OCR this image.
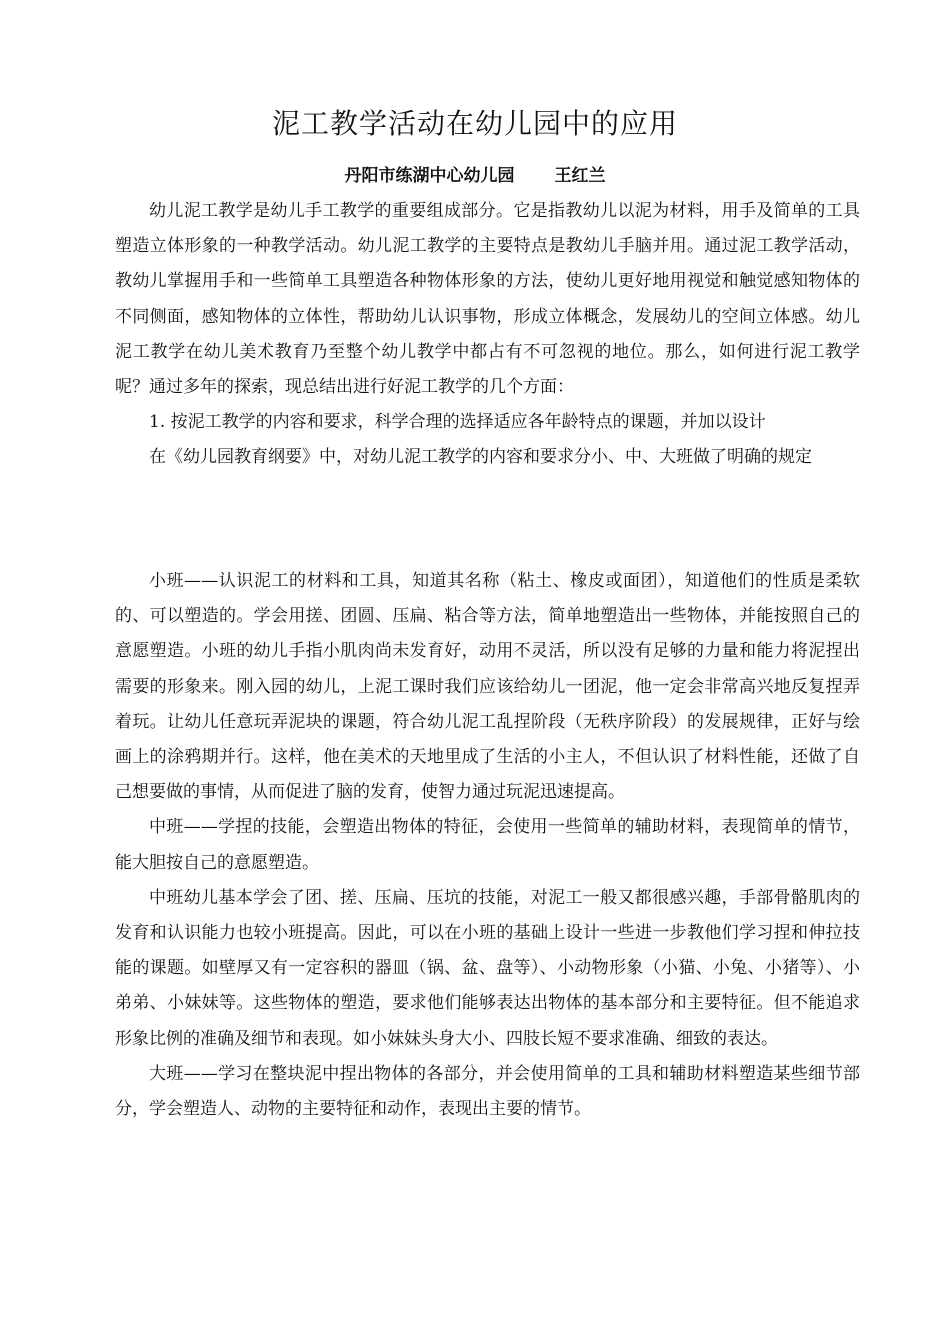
泥工教学活动在幼儿园中的应用
丹阳市练湖中心幼儿园 王红兰

幼儿泥工教学是幼儿手工教学的重要组成部分。它是指教幼儿以泥为材料，用手及简单的工具塑造立体形象的一种教学活动。幼儿泥工教学的主要特点是教幼儿手脑并用。通过泥工教学活动，教幼儿掌握用手和一些简单工具塑造各种物体形象的方法，使幼儿更好地用视觉和触觉感知物体的不同侧面，感知物体的立体性，帮助幼儿认识事物，形成立体概念，发展幼儿的空间立体感。幼儿泥工教学在幼儿美术教育乃至整个幼儿教学中都占有不可忽视的地位。那么，如何进行泥工教学呢？通过多年的探索，现总结出进行好泥工教学的几个方面：

1. 按泥工教学的内容和要求，科学合理的选择适应各年龄特点的课题，并加以设计

在《幼儿园教育纲要》中，对幼儿泥工教学的内容和要求分小、中、大班做了明确的规定

小班——认识泥工的材料和工具，知道其名称（粘土、橡皮或面团），知道他们的性质是柔软的、可以塑造的。学会用搓、团圆、压扁、粘合等方法，简单地塑造出一些物体，并能按照自己的意愿塑造。小班的幼儿手指小肌肉尚未发育好，动用不灵活，所以没有足够的力量和能力将泥捏出需要的形象来。刚入园的幼儿，上泥工课时我们应该给幼儿一团泥，他一定会非常高兴地反复捏弄着玩。让幼儿任意玩弄泥块的课题，符合幼儿泥工乱捏阶段（无秩序阶段）的发展规律，正好与绘画上的涂鸦期并行。这样，他在美术的天地里成了生活的小主人，不但认识了材料性能，还做了自己想要做的事情，从而促进了脑的发育，使智力通过玩泥迅速提高。

中班——学捏的技能，会塑造出物体的特征，会使用一些简单的辅助材料，表现简单的情节，能大胆按自己的意愿塑造。

中班幼儿基本学会了团、搓、压扁、压坑的技能，对泥工一般又都很感兴趣，手部骨骼肌肉的发育和认识能力也较小班提高。因此，可以在小班的基础上设计一些进一步教他们学习捏和伸拉技能的课题。如壁厚又有一定容积的器皿（锅、盆、盘等）、小动物形象（小猫、小兔、小猪等）、小弟弟、小妹妹等。这些物体的塑造，要求他们能够表达出物体的基本部分和主要特征。但不能追求形象比例的准确及细节和表现。如小妹妹头身大小、四肢长短不要求准确、细致的表达。

大班——学习在整块泥中捏出物体的各部分，并会使用简单的工具和辅助材料塑造某些细节部分，学会塑造人、动物的主要特征和动作，表现出主要的情节。
